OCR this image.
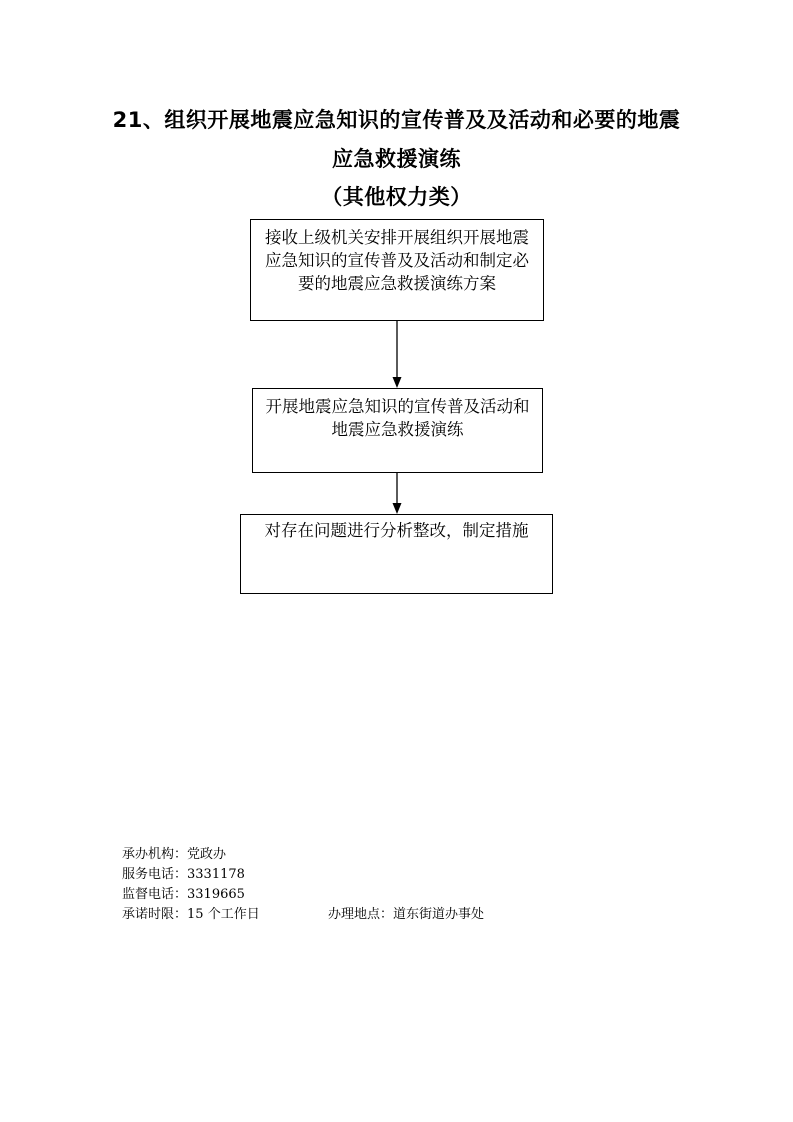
21、组织开展地震应急知识的宣传普及及活动和必要的地震
应急救援演练
（其他权力类）
接收上级机关安排开展组织开展地震应急知识的宣传普及及活动和制定必要的地震应急救援演练方案
开展地震应急知识的宣传普及活动和地震应急救援演练
对存在问题进行分析整改，制定措施
承办机构：党政办
服务电话：3331178
监督电话：3319665
承诺时限：15 个工作日	办理地点：道东街道办事处
